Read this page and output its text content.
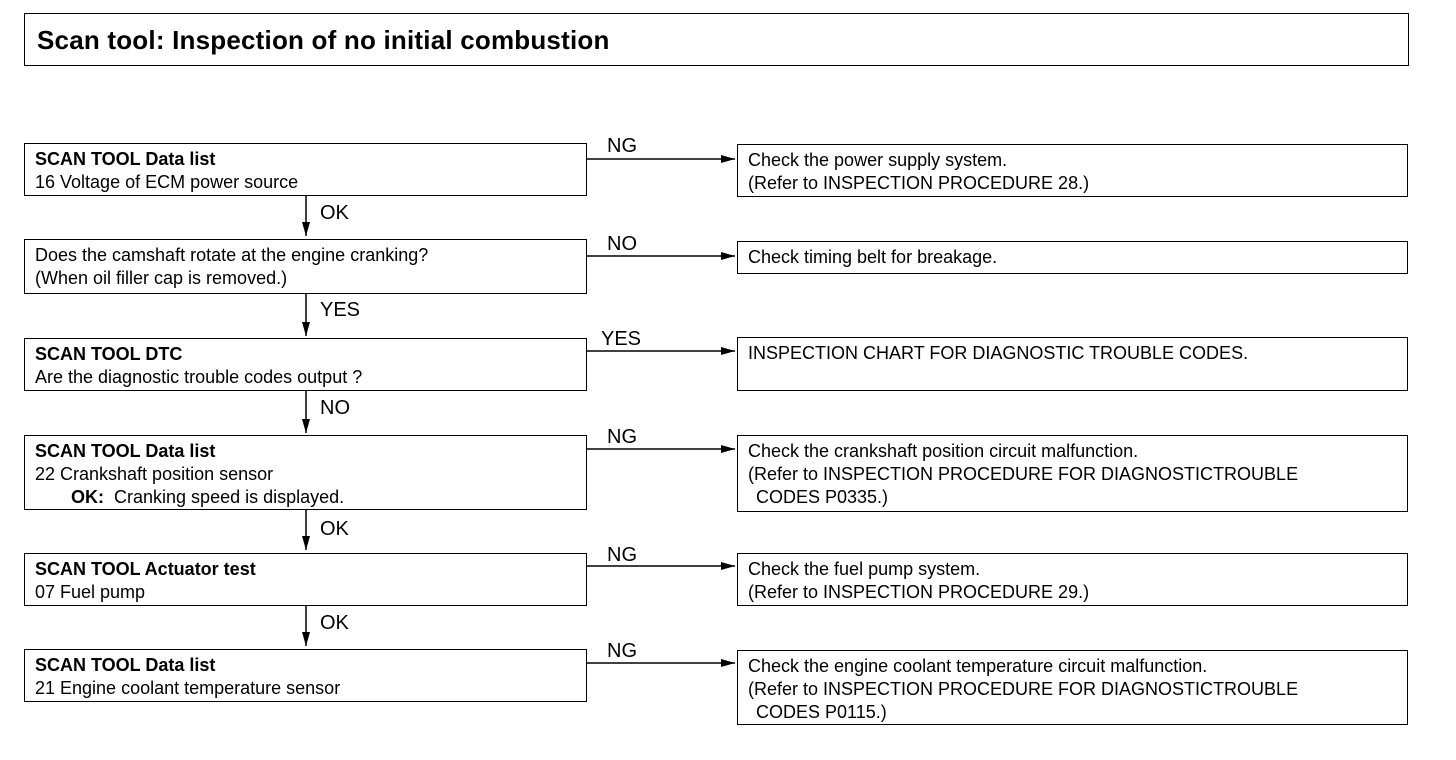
Scan tool: Inspection of no initial combustion
SCAN TOOL Data list
16 Voltage of ECM power source
NG
Check the power supply system.
(Refer to INSPECTION PROCEDURE 28.)
OK
Does the camshaft rotate at the engine cranking?
(When oil filler cap is removed.)
NO
Check timing belt for breakage.
YES
SCAN TOOL DTC
Are the diagnostic trouble codes output ?
YES
INSPECTION CHART FOR DIAGNOSTIC TROUBLE CODES.
NO
SCAN TOOL Data list
22 Crankshaft position sensor
OK: Cranking speed is displayed.
NG
Check the crankshaft position circuit malfunction.
(Refer to INSPECTION PROCEDURE FOR DIAGNOSTICTROUBLE
CODES P0335.)
OK
SCAN TOOL Actuator test
07 Fuel pump
NG
Check the fuel pump system.
(Refer to INSPECTION PROCEDURE 29.)
OK
SCAN TOOL Data list
21 Engine coolant temperature sensor
NG
Check the engine coolant temperature circuit malfunction.
(Refer to INSPECTION PROCEDURE FOR DIAGNOSTICTROUBLE
CODES P0115.)
